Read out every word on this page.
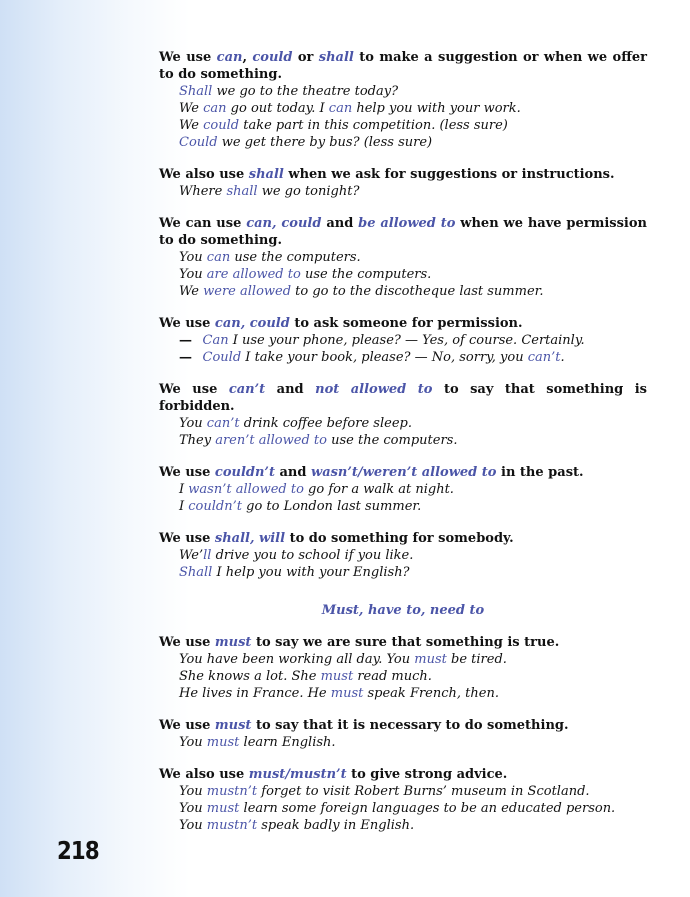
We use can, could or shall to make a suggestion or when we offer to do something.
Shall we go to the theatre today?
We can go out today. I can help you with your work.
We could take part in this competition. (less sure)
Could we get there by bus? (less sure)
We also use shall when we ask for suggestions or instructions.
Where shall we go tonight?
We can use can, could and be allowed to when we have permission to do something.
You can use the computers.
You are allowed to use the computers.
We were allowed to go to the discotheque last summer.
We use can, could to ask someone for permission.
— Can I use your phone, please? — Yes, of course. Certainly.
— Could I take your book, please? — No, sorry, you can’t.
We use can’t and not allowed to to say that something is forbidden.
You can’t drink coffee before sleep.
They aren’t allowed to use the computers.
We use couldn’t and wasn’t/weren’t allowed to in the past.
I wasn’t allowed to go for a walk at night.
I couldn’t go to London last summer.
We use shall, will to do something for somebody.
We’ll drive you to school if you like.
Shall I help you with your English?
Must, have to, need to
We use must to say we are sure that something is true.
You have been working all day. You must be tired.
She knows a lot. She must read much.
He lives in France. He must speak French, then.
We use must to say that it is necessary to do something.
You must learn English.
We also use must/mustn’t to give strong advice.
You mustn’t forget to visit Robert Burns’ museum in Scotland.
You must learn some foreign languages to be an educated person.
You mustn’t speak badly in English.
218
